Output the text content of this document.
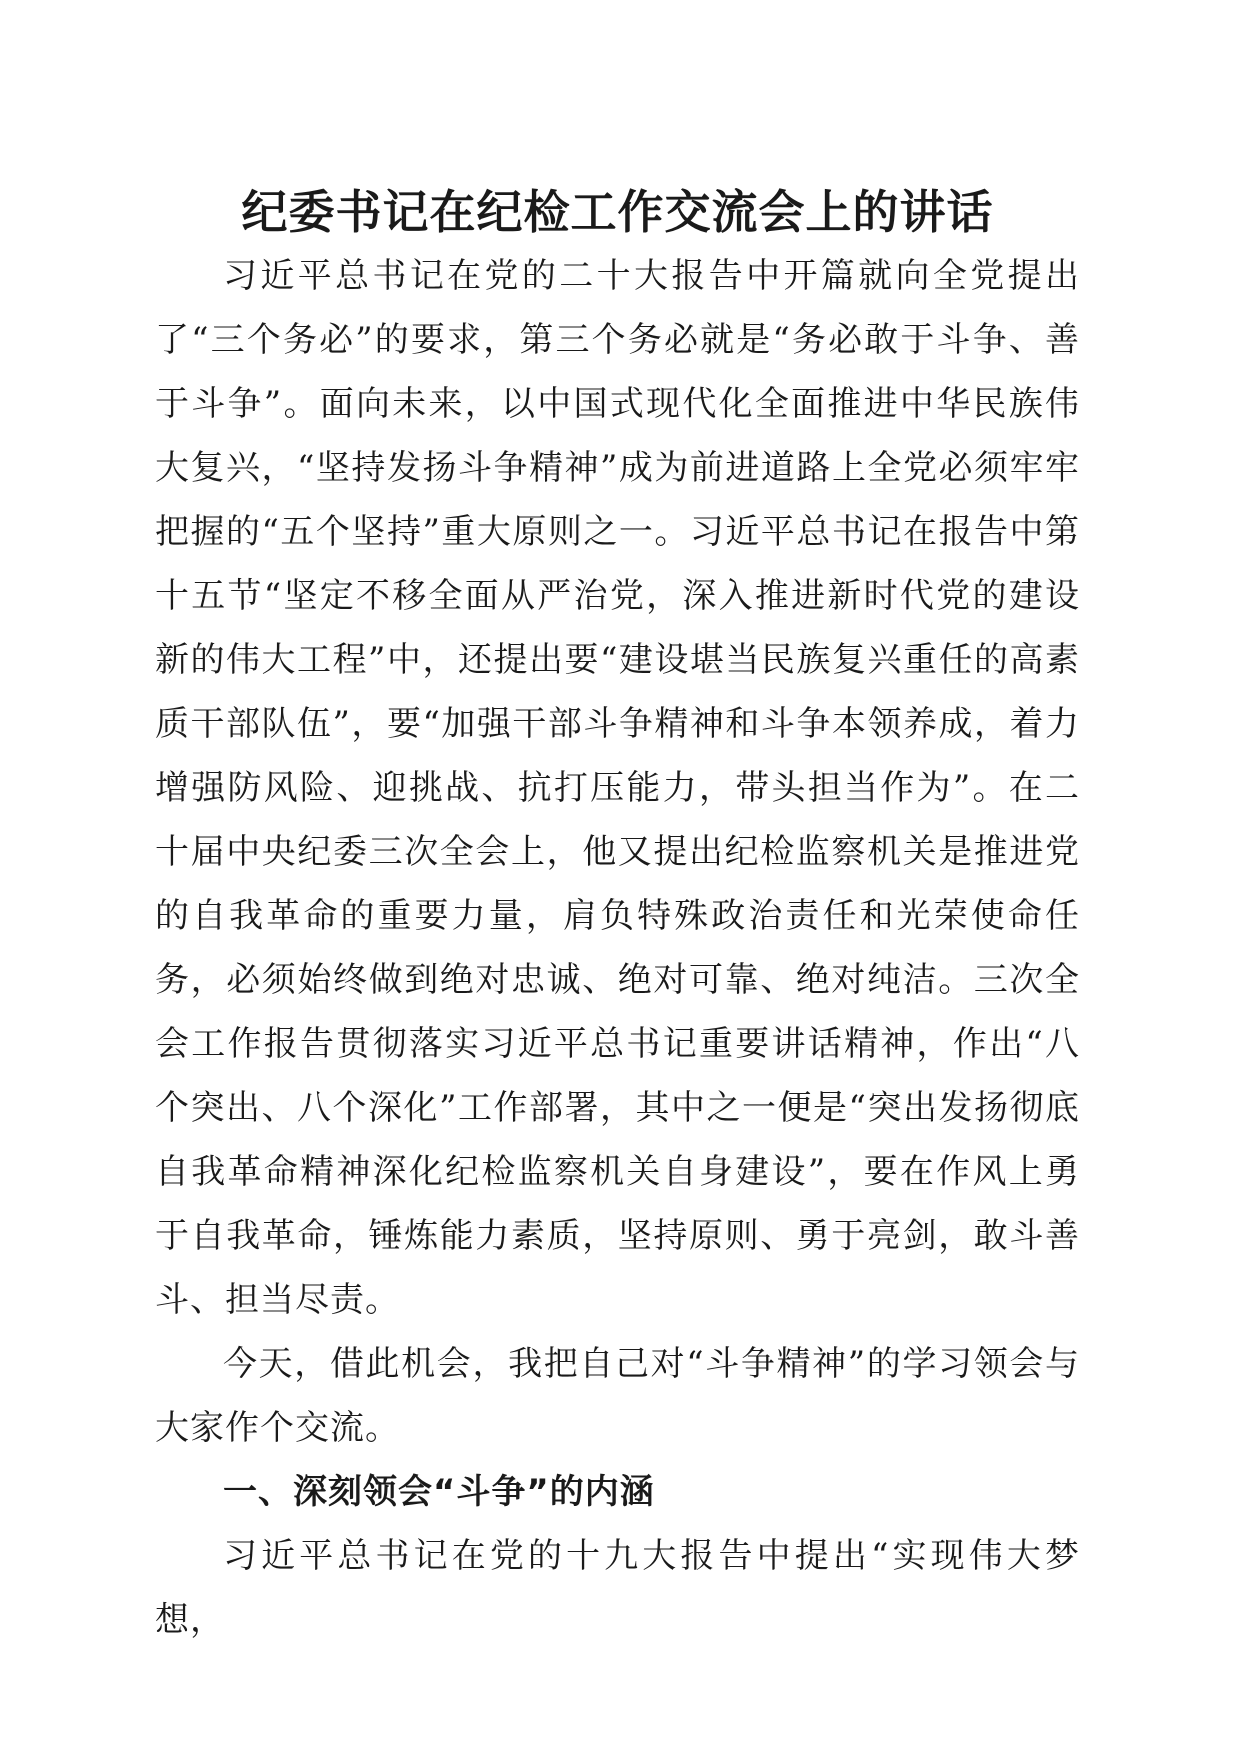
纪委书记在纪检工作交流会上的讲话

习近平总书记在党的二十大报告中开篇就向全党提出了“三个务必”的要求，第三个务必就是“务必敢于斗争、善于斗争”。面向未来，以中国式现代化全面推进中华民族伟大复兴，“坚持发扬斗争精神”成为前进道路上全党必须牢牢把握的“五个坚持”重大原则之一。习近平总书记在报告中第十五节“坚定不移全面从严治党，深入推进新时代党的建设新的伟大工程”中，还提出要“建设堪当民族复兴重任的高素质干部队伍”，要“加强干部斗争精神和斗争本领养成，着力增强防风险、迎挑战、抗打压能力，带头担当作为”。在二十届中央纪委三次全会上，他又提出纪检监察机关是推进党的自我革命的重要力量，肩负特殊政治责任和光荣使命任务，必须始终做到绝对忠诚、绝对可靠、绝对纯洁。三次全会工作报告贯彻落实习近平总书记重要讲话精神，作出“八个突出、八个深化”工作部署，其中之一便是“突出发扬彻底自我革命精神深化纪检监察机关自身建设”，要在作风上勇于自我革命，锤炼能力素质，坚持原则、勇于亮剑，敢斗善斗、担当尽责。

今天，借此机会，我把自己对“斗争精神”的学习领会与大家作个交流。

一、深刻领会“斗争”的内涵

习近平总书记在党的十九大报告中提出“实现伟大梦想，
